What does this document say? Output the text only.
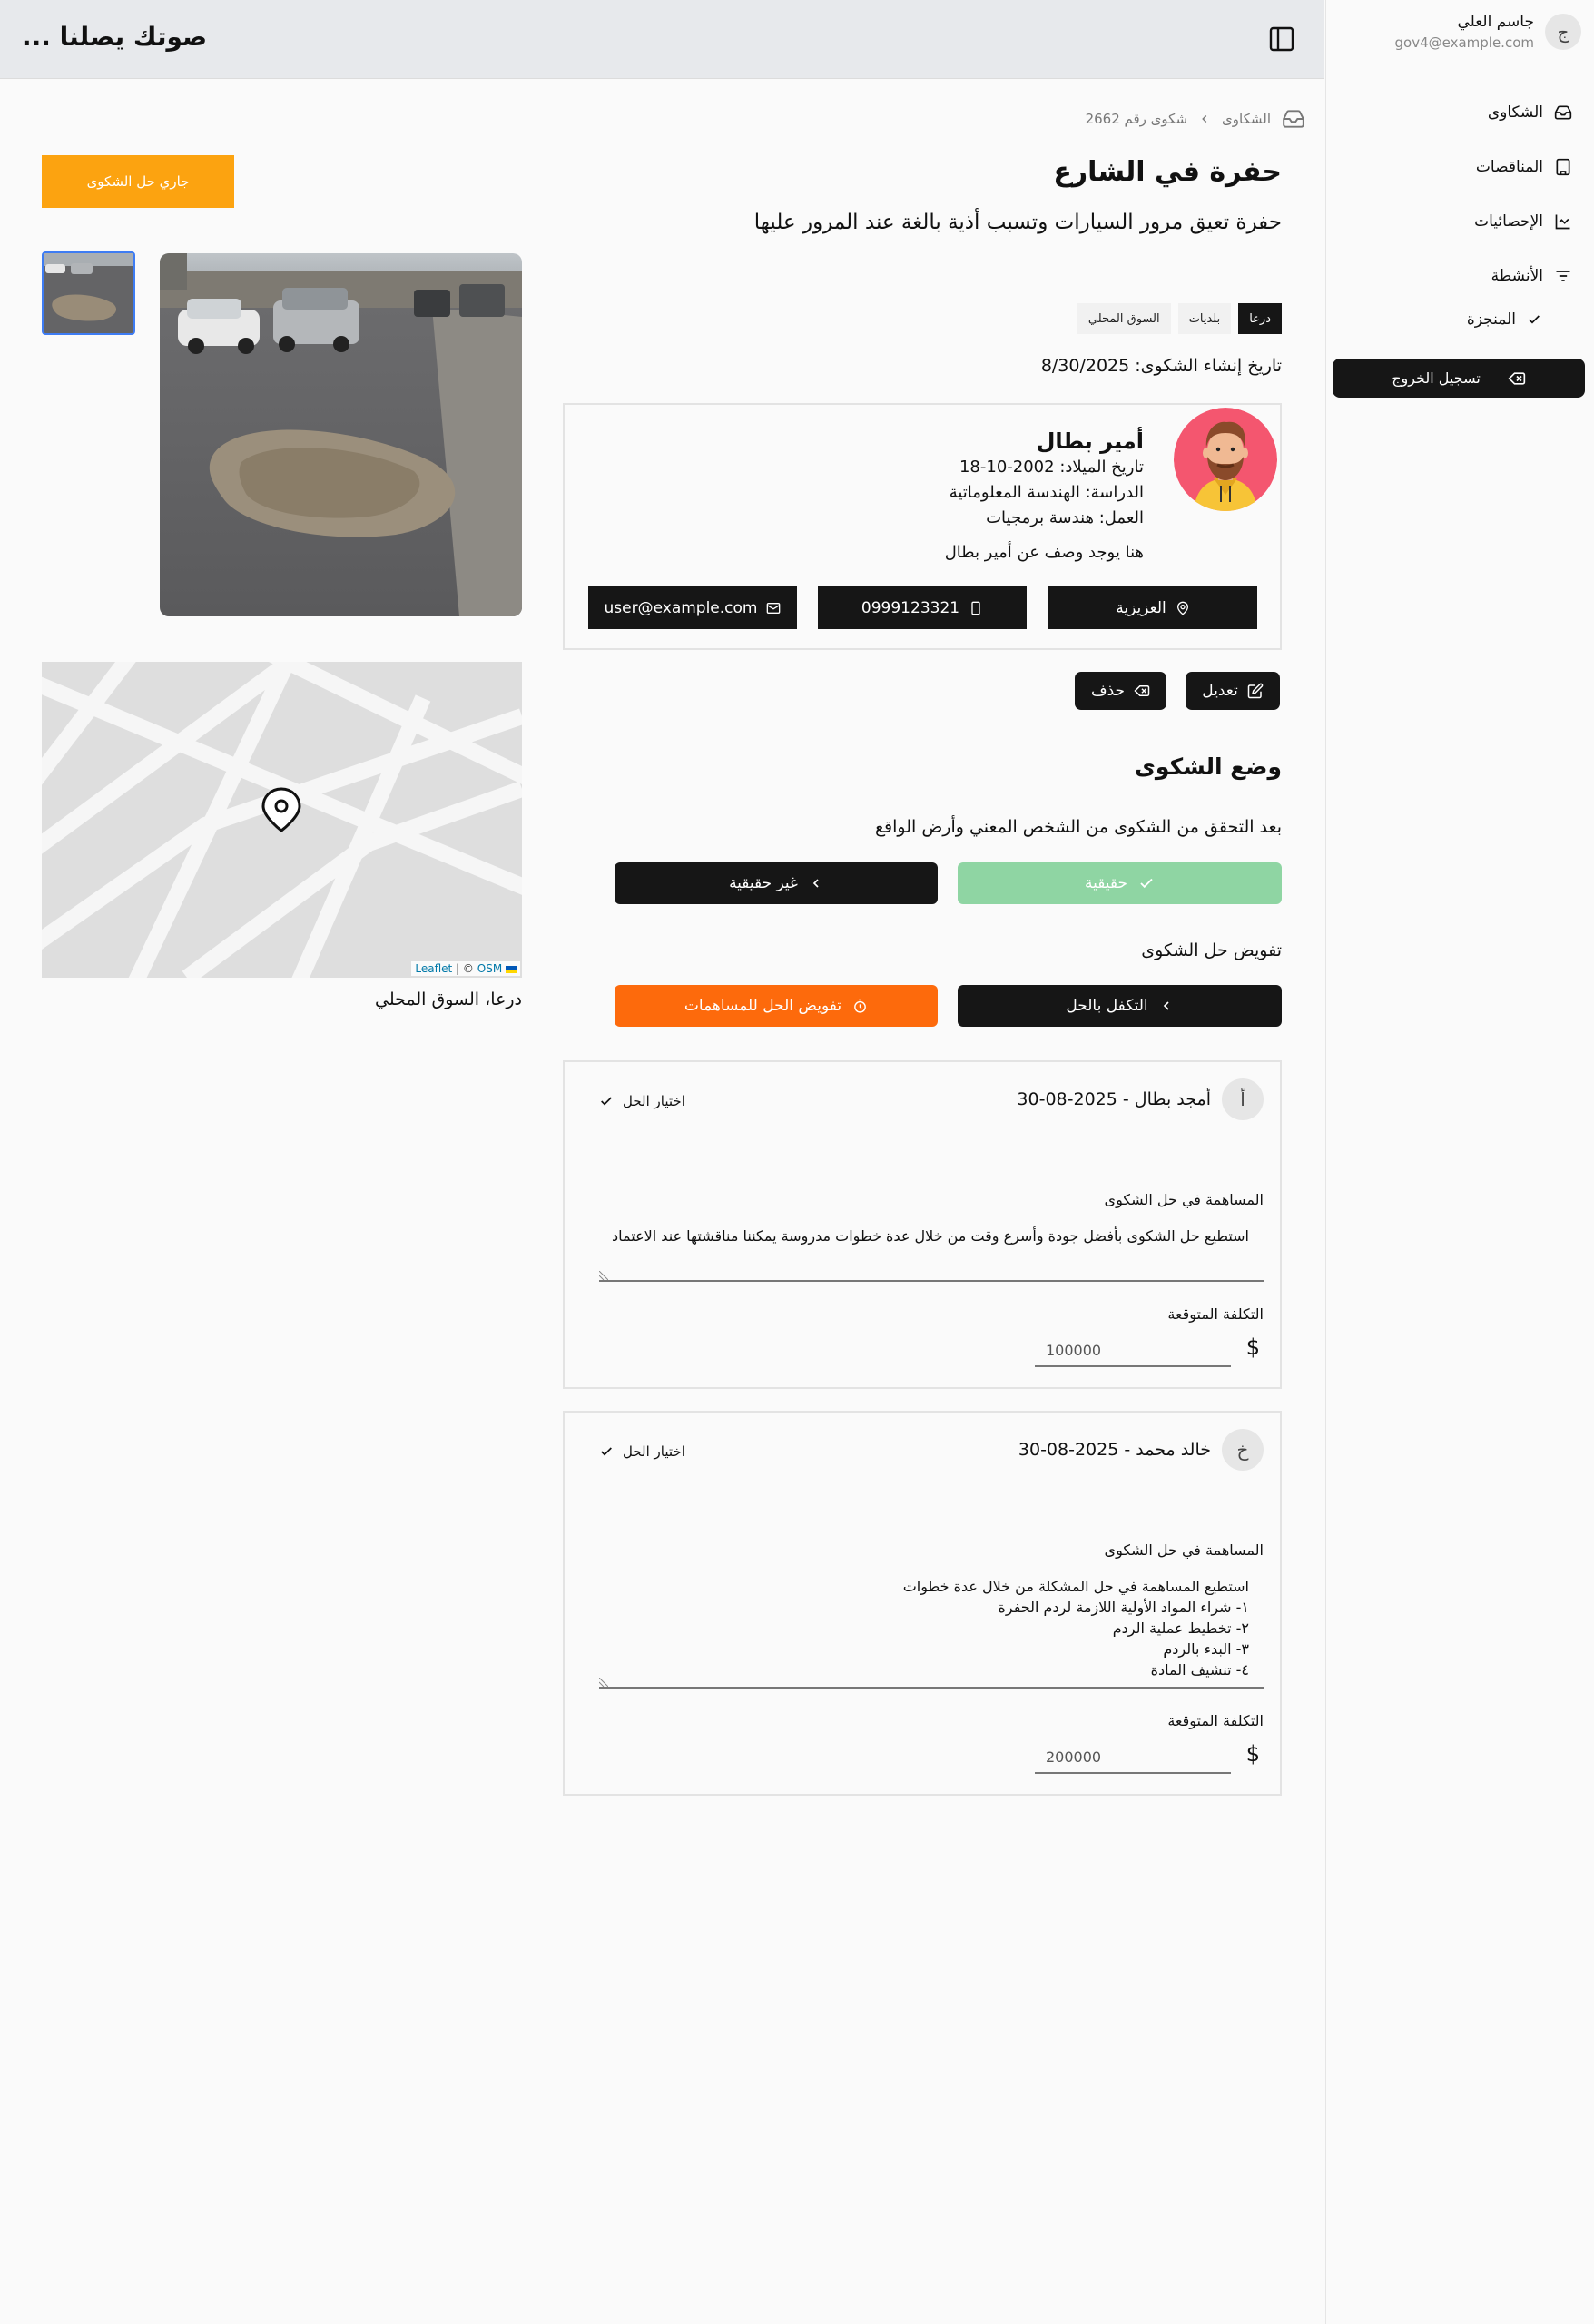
ج
جاسم العلي
gov4@example.com
الشكاوى
المناقصات
الإحصائيات
الأنشطة
المنجزة
تسجيل الخروج
صوتك يصلنا ...
الشكاوى
شكوى رقم 2662
حفرة في الشارع
حفرة تعيق مرور السيارات وتسبب أذية بالغة عند المرور عليها
جاري حل الشكوى
درعا
بلديات
السوق المحلي
تاريخ إنشاء الشكوى: 8/30/2025
أمير بطال
تاريخ الميلاد: 2002-10-18
الدراسة: الهندسة المعلوماتية
العمل: هندسة برمجيات
هنا يوجد وصف عن أمير بطال
العزيزية
0999123321
user@example.com
تعديل
حذف
وضع الشكوى
بعد التحقق من الشكوى من الشخص المعني وأرض الواقع
حقيقية
غير حقيقية
تفويض حل الشكوى
التكفل بالحل
تفويض الحل للمساهمات
أ
أمجد بطال - 2025-08-30
اختيار الحل
المساهمة في حل الشكوى
استطيع حل الشكوى بأفضل جودة وأسرع وقت من خلال عدة خطوات مدروسة يمكننا مناقشتها عند الاعتماد
التكلفة المتوقعة
$
100000
خ
خالد محمد - 2025-08-30
اختيار الحل
المساهمة في حل الشكوى
استطيع المساهمة في حل المشكلة من خلال عدة خطوات
١- شراء المواد الأولية اللازمة لردم الحفرة
٢- تخطيط عملية الردم
٣- البدء بالردم
٤- تنشيف المادة
التكلفة المتوقعة
$
200000
Leaflet | © OSM
درعا، السوق المحلي
